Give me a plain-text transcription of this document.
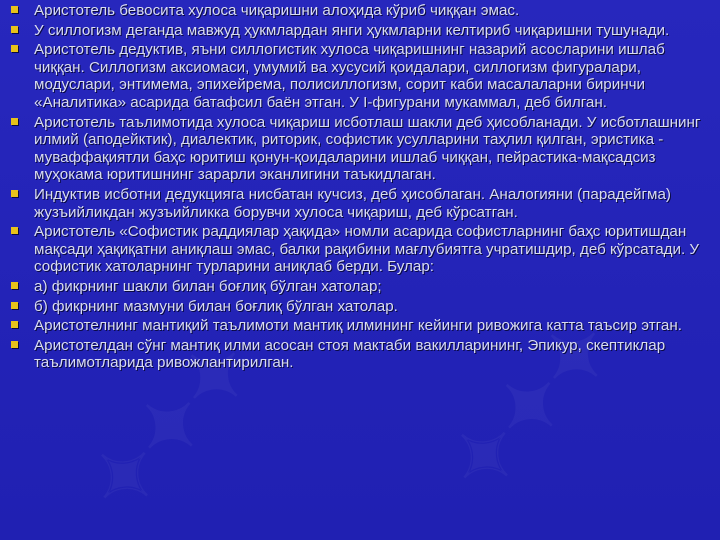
Аристотель бевосита хулоса чиқаришни алоҳида кўриб чиққан эмас.
У силлогизм деганда мавжуд ҳукмлардан янги ҳукмларни келтириб чиқаришни тушунади.
Аристотель дедуктив, яъни силлогистик хулоса чиқаришнинг назарий асосларини ишлаб чиққан. Силлогизм аксиомаси, умумий ва хусусий қоидалари, силлогизм фигуралари, модуслари, энтимема, эпихейрема, полисиллогизм, сорит каби масалаларни биринчи «Аналитика» асарида батафсил баён этган. У I-фигурани мукаммал, деб билган.
Аристотель таълимотида хулоса чиқариш исботлаш шакли деб ҳисобланади. У исботлашнинг илмий (аподейктик), диалектик, риторик, софистик усулларини таҳлил қилган, эристика - муваффақиятли баҳс юритиш қонун-қоидаларини ишлаб чиққан, пейрастика-мақсадсиз муҳокама юритишнинг зарарли эканлигини таъкидлаган.
Индуктив исботни дедукцияга нисбатан кучсиз, деб ҳисоблаган. Аналогияни (парадейгма) жузъийликдан жузъийликка борувчи хулоса чиқариш, деб кўрсатган.
Аристотель «Софистик раддиялар ҳақида» номли асарида софистларнинг баҳс юритишдан мақсади ҳақиқатни аниқлаш эмас, балки рақибини мағлубиятга учратишдир, деб кўрсатади. У софистик хатоларнинг турларини аниқлаб берди. Булар:
а) фикрнинг шакли билан боғлиқ бўлган хатолар;
б) фикрнинг мазмуни билан боғлиқ бўлган хатолар.
Аристотелнинг мантиқий таълимоти мантиқ илмининг кейинги ривожига катта таъсир этган.
Аристотелдан сўнг мантиқ илми асосан стоя мактаби вакилларининг, Эпикур, скептиклар таълимотларида ривожлантирилган.
